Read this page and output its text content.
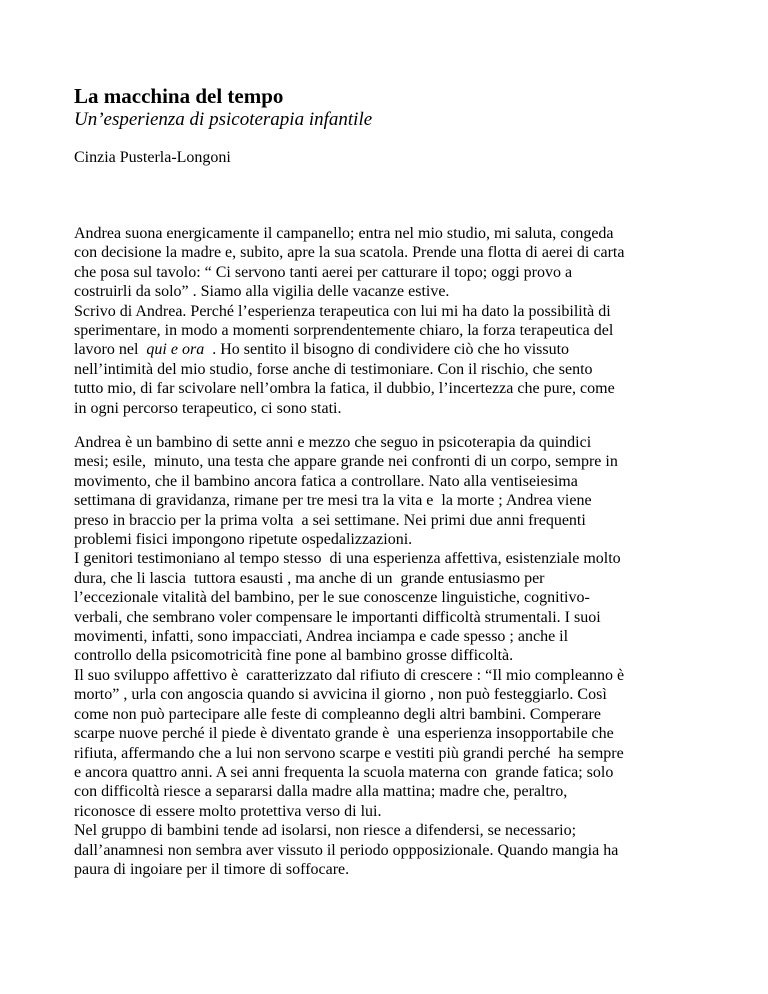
La macchina del tempo
Un’esperienza di psicoterapia infantile
Cinzia Pusterla-Longoni
Andrea suona energicamente il campanello; entra nel mio studio, mi saluta, congeda
con decisione la madre e, subito, apre la sua scatola. Prende una flotta di aerei di carta
che posa sul tavolo: “ Ci servono tanti aerei per catturare il topo; oggi provo a
costruirli da solo” . Siamo alla vigilia delle vacanze estive.
Scrivo di Andrea. Perché l’esperienza terapeutica con lui mi ha dato la possibilità di
sperimentare, in modo a momenti sorprendentemente chiaro, la forza terapeutica del
lavoro nel  qui e ora  . Ho sentito il bisogno di condividere ciò che ho vissuto
nell’intimità del mio studio, forse anche di testimoniare. Con il rischio, che sento
tutto mio, di far scivolare nell’ombra la fatica, il dubbio, l’incertezza che pure, come
in ogni percorso terapeutico, ci sono stati.
Andrea è un bambino di sette anni e mezzo che seguo in psicoterapia da quindici
mesi; esile,  minuto, una testa che appare grande nei confronti di un corpo, sempre in
movimento, che il bambino ancora fatica a controllare. Nato alla ventiseiesima
settimana di gravidanza, rimane per tre mesi tra la vita e  la morte ; Andrea viene
preso in braccio per la prima volta  a sei settimane. Nei primi due anni frequenti
problemi fisici impongono ripetute ospedalizzazioni.
I genitori testimoniano al tempo stesso  di una esperienza affettiva, esistenziale molto
dura, che li lascia  tuttora esausti , ma anche di un  grande entusiasmo per
l’eccezionale vitalità del bambino, per le sue conoscenze linguistiche, cognitivo-
verbali, che sembrano voler compensare le importanti difficoltà strumentali. I suoi
movimenti, infatti, sono impacciati, Andrea inciampa e cade spesso ; anche il
controllo della psicomotricità fine pone al bambino grosse difficoltà.
Il suo sviluppo affettivo è  caratterizzato dal rifiuto di crescere : “Il mio compleanno è
morto” , urla con angoscia quando si avvicina il giorno , non può festeggiarlo. Così
come non può partecipare alle feste di compleanno degli altri bambini. Comperare
scarpe nuove perché il piede è diventato grande è  una esperienza insopportabile che
rifiuta, affermando che a lui non servono scarpe e vestiti più grandi perché  ha sempre
e ancora quattro anni. A sei anni frequenta la scuola materna con  grande fatica; solo
con difficoltà riesce a separarsi dalla madre alla mattina; madre che, peraltro,
riconosce di essere molto protettiva verso di lui.
Nel gruppo di bambini tende ad isolarsi, non riesce a difendersi, se necessario;
dall’anamnesi non sembra aver vissuto il periodo oppposizionale. Quando mangia ha
paura di ingoiare per il timore di soffocare.
